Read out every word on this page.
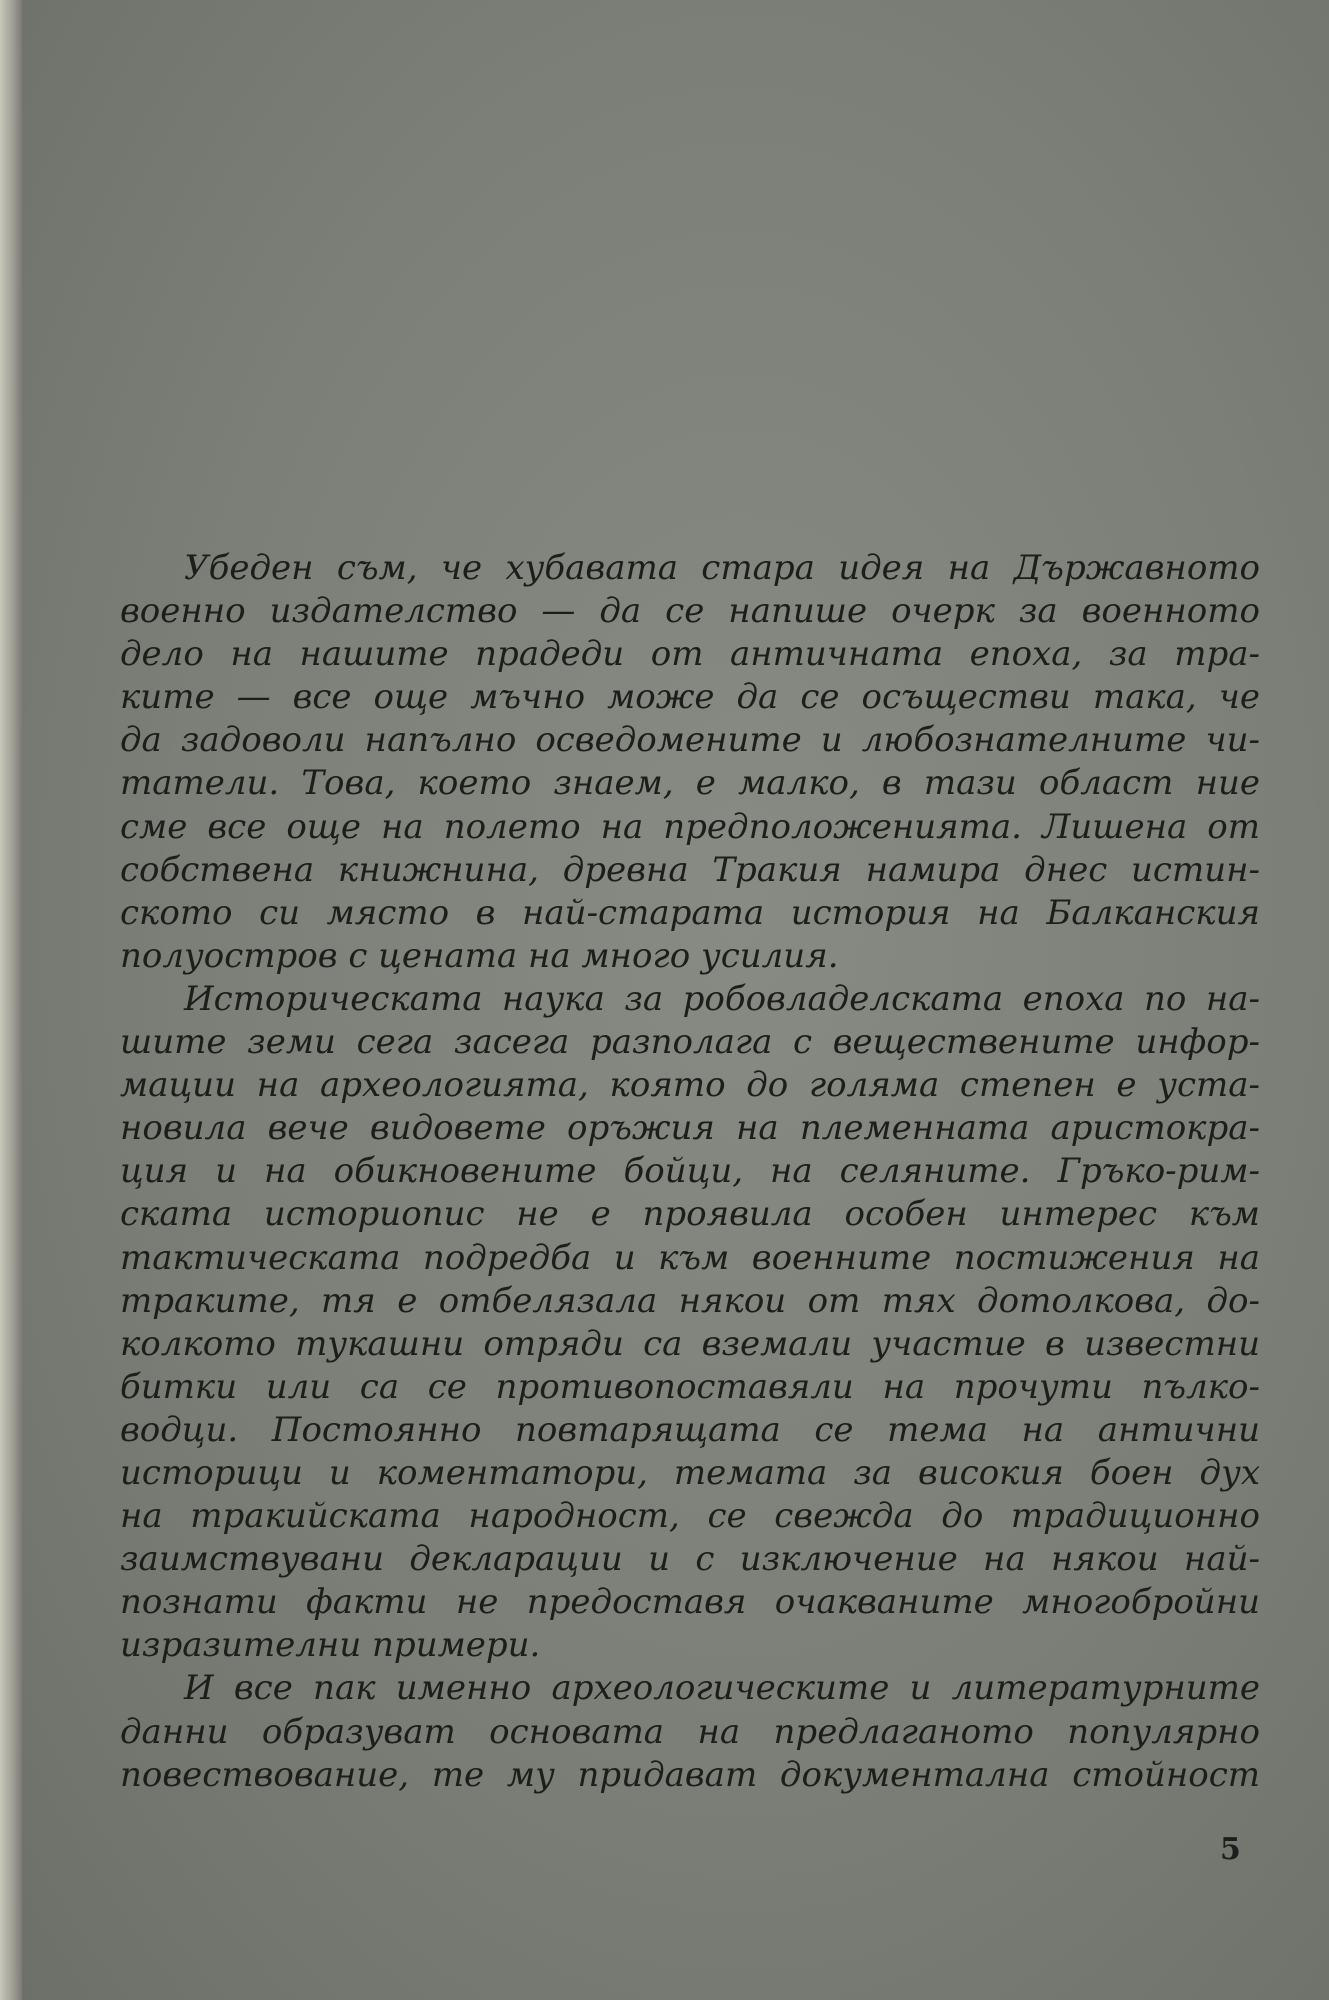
Убеден съм, че хубавата стара идея на Държавното
военно издателство — да се напише очерк за военното
дело на нашите прадеди от античната епоха, за тра-
ките — все още мъчно може да се осъществи така, че
да задоволи напълно осведомените и любознателните чи-
татели. Това, което знаем, е малко, в тази област ние
сме все още на полето на предположенията. Лишена от
собствена книжнина, древна Тракия намира днес истин-
ското си място в най-старата история на Балканския
полуостров с цената на много усилия.
Историческата наука за робовладелската епоха по на-
шите земи сега засега разполага с веществените инфор-
мации на археологията, която до голяма степен е уста-
новила вече видовете оръжия на племенната аристокра-
ция и на обикновените бойци, на селяните. Гръко-рим-
ската историопис не е проявила особен интерес към
тактическата подредба и към военните постижения на
траките, тя е отбелязала някои от тях дотолкова, до-
колкото тукашни отряди са вземали участие в известни
битки или са се противопоставяли на прочути пълко-
водци. Постоянно повтарящата се тема на антични
историци и коментатори, темата за високия боен дух
на тракийската народност, се свежда до традиционно
заимствувани декларации и с изключение на някои най-
познати факти не предоставя очакваните многобройни
изразителни примери.
И все пак именно археологическите и литературните
данни образуват основата на предлаганото популярно
повествование, те му придават документална стойност
5
